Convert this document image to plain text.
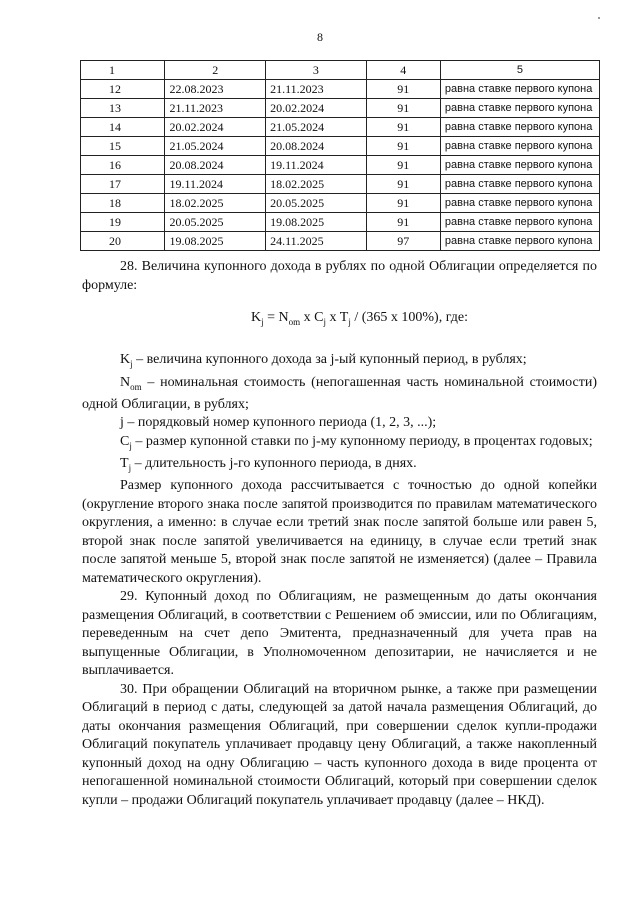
8
1	2	3	4	5
12	22.08.2023	21.11.2023	91	равна ставке первого купона
13	21.11.2023	20.02.2024	91	равна ставке первого купона
14	20.02.2024	21.05.2024	91	равна ставке первого купона
15	21.05.2024	20.08.2024	91	равна ставке первого купона
16	20.08.2024	19.11.2024	91	равна ставке первого купона
17	19.11.2024	18.02.2025	91	равна ставке первого купона
18	18.02.2025	20.05.2025	91	равна ставке первого купона
19	20.05.2025	19.08.2025	91	равна ставке первого купона
20	19.08.2025	24.11.2025	97	равна ставке первого купона

28. Величина купонного дохода в рублях по одной Облигации определяется по формуле:

$K_j = N_{om}$ x $C_j$ x $T_j / (365$ x 100%), где:

$K_j$ – величина купонного дохода за j-ый купонный период, в рублях;

$N_{om}$ – номинальная стоимость (непогашенная часть номинальной стоимости) одной Облигации, в рублях;

j – порядковый номер купонного периода (1, 2, 3, ...);

$C_j$ – размер купонной ставки по j-му купонному периоду, в процентах годовых;

$T_j$ – длительность j-го купонного периода, в днях.

Размер купонного дохода рассчитывается с точностью до одной копейки (округление второго знака после запятой производится по правилам математического округления, а именно: в случае если третий знак после запятой больше или равен 5, второй знак после запятой увеличивается на единицу, в случае если третий знак после запятой меньше 5, второй знак после запятой не изменяется) (далее – Правила математического округления).

29. Купонный доход по Облигациям, не размещенным до даты окончания размещения Облигаций, в соответствии с Решением об эмиссии, или по Облигациям, переведенным на счет депо Эмитента, предназначенный для учета прав на выпущенные Облигации, в Уполномоченном депозитарии, не начисляется и не выплачивается.

30. При обращении Облигаций на вторичном рынке, а также при размещении Облигаций в период с даты, следующей за датой начала размещения Облигаций, до даты окончания размещения Облигаций, при совершении сделок купли-продажи Облигаций покупатель уплачивает продавцу цену Облигаций, а также накопленный купонный доход на одну Облигацию – часть купонного дохода в виде процента от непогашенной номинальной стоимости Облигаций, который при совершении сделок купли – продажи Облигаций покупатель уплачивает продавцу (далее – НКД).
